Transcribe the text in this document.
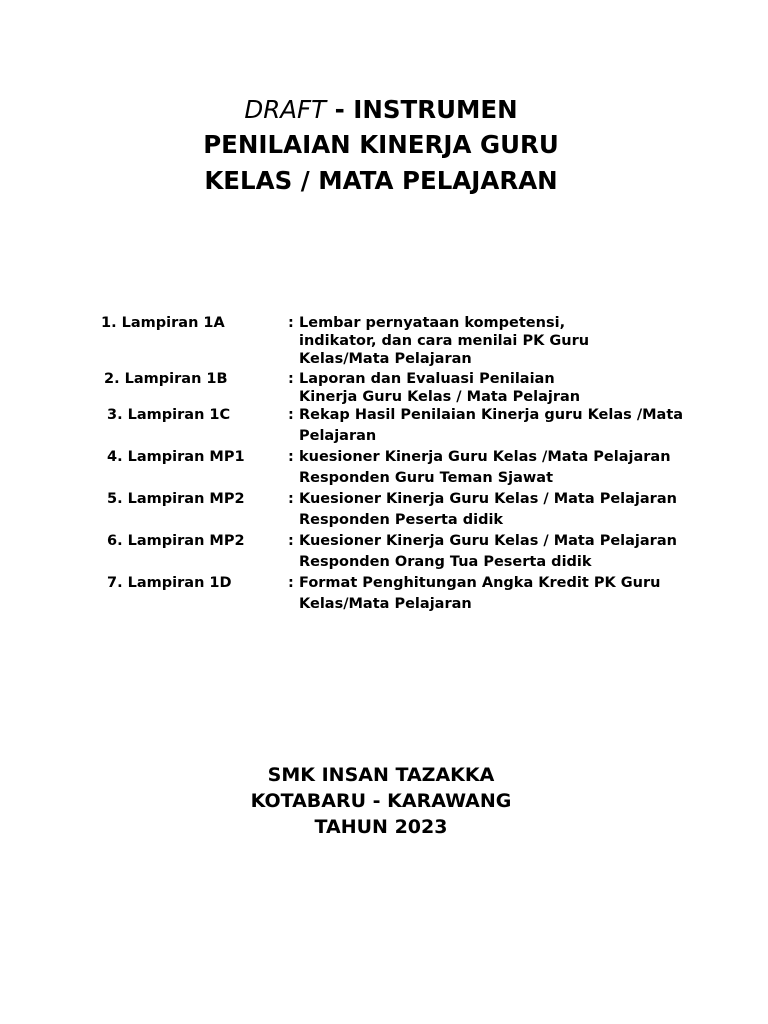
DRAFT - INSTRUMEN
PENILAIAN KINERJA GURU
KELAS / MATA PELAJARAN
1. Lampiran 1A	: Lembar pernyataan kompetensi,
indikator, dan cara menilai PK Guru
Kelas/Mata Pelajaran
2. Lampiran 1B	: Laporan dan Evaluasi Penilaian
Kinerja Guru Kelas / Mata Pelajran
3. Lampiran 1C	: Rekap Hasil Penilaian Kinerja guru Kelas /Mata
Pelajaran
4. Lampiran MP1	: kuesioner Kinerja Guru Kelas /Mata Pelajaran
Responden Guru Teman Sjawat
5. Lampiran MP2	: Kuesioner Kinerja Guru Kelas / Mata Pelajaran
Responden Peserta didik
6. Lampiran MP2	: Kuesioner Kinerja Guru Kelas / Mata Pelajaran
Responden Orang Tua Peserta didik
7. Lampiran 1D	: Format Penghitungan Angka Kredit PK Guru
Kelas/Mata Pelajaran
SMK INSAN TAZAKKA
KOTABARU - KARAWANG
TAHUN 2023
